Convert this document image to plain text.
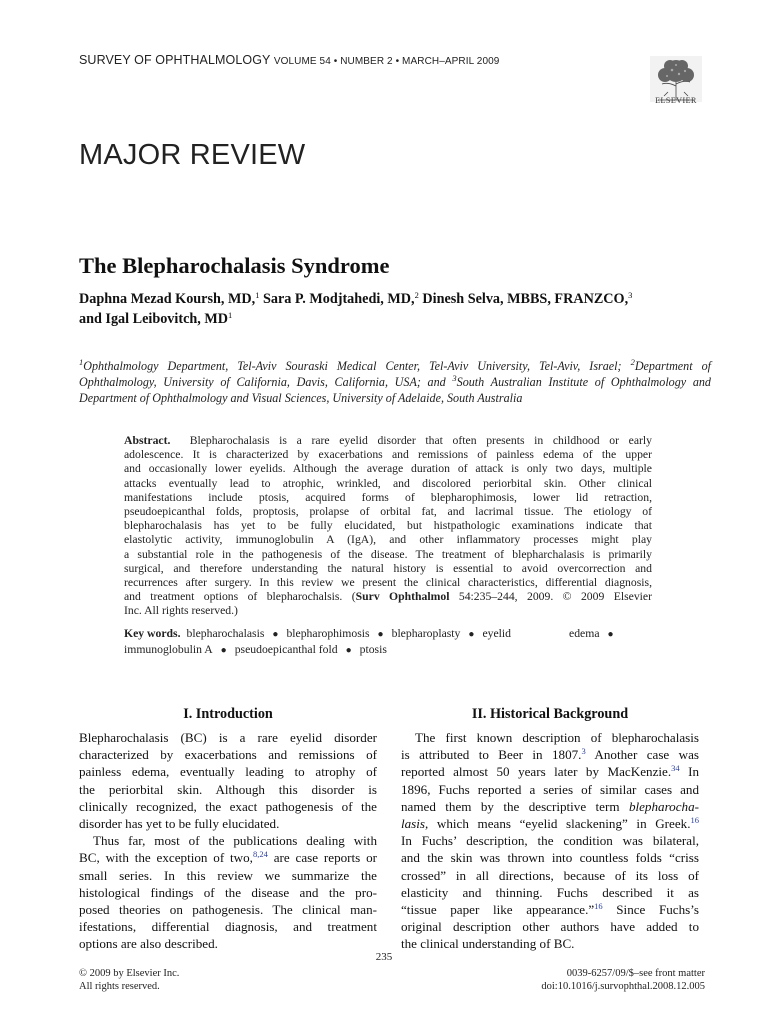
SURVEY OF OPHTHALMOLOGY VOLUME 54 • NUMBER 2 • MARCH–APRIL 2009
ELSEVIER
MAJOR REVIEW
The Blepharochalasis Syndrome
Daphna Mezad Koursh, MD,$^1$ Sara P. Modjtahedi, MD,$^2$ Dinesh Selva, MBBS, FRANZCO,$^3$
and Igal Leibovitch, $MD^1$
$^1$Ophthalmology Department, Tel-Aviv Souraski Medical Center, Tel-Aviv University, Tel-Aviv, Israel; $^2$Department of
Ophthalmology, University of California, Davis, California, USA; and $^3$South Australian Institute of Ophthalmology and
Department of Ophthalmology and Visual Sciences, University of Adelaide, South Australia
Abstract. Blepharochalasis is a rare eyelid disorder that often presents in childhood or early
adolescence. It is characterized by exacerbations and remissions of painless edema of the upper
and occasionally lower eyelids. Although the average duration of attack is only two days, multiple
attacks eventually lead to atrophic, wrinkled, and discolored periorbital skin. Other clinical
manifestations include ptosis, acquired forms of blepharophimosis, lower lid retraction,
pseudoepicanthal folds, proptosis, prolapse of orbital fat, and lacrimal tissue. The etiology of
blepharochalasis has yet to be fully elucidated, but histpathologic examinations indicate that
elastolytic activity, immunoglobulin A (IgA), and other inflammatory processes might play
a substantial role in the pathogenesis of the disease. The treatment of blepharchalasis is primarily
surgical, and therefore understanding the natural history is essential to avoid overcorrection and
recurrences after surgery. In this review we present the clinical characteristics, differential diagnosis,
and treatment options of blepharochalsis. (Surv Ophthalmol 54:235–244, 2009. © 2009 Elsevier
Inc. All rights reserved.)
Key words. blepharochalasis ● blepharophimosis ● blepharoplasty ● eyelid	edema ●
immunoglobulin A ● pseudoepicanthal fold ● ptosis
I. Introduction
Blepharochalasis (BC) is a rare eyelid disorder
characterized by exacerbations and remissions of
painless edema, eventually leading to atrophy of
the periorbital skin. Although this disorder is
clinically recognized, the exact pathogenesis of the
disorder has yet to be fully elucidated.
Thus far, most of the publications dealing with
BC, with the exception of two,$^{8,24}$ are case reports or
small series. In this review we summarize the
histological findings of the disease and the pro-
posed theories on pathogenesis. The clinical man-
ifestations, differential diagnosis, and treatment
options are also described.
II. Historical Background
The first known description of blepharochalasis
is attributed to Beer in 1807.$^3$ Another case was
reported almost 50 years later by MacKenzie.$^{34}$ In
1896, Fuchs reported a series of similar cases and
named them by the descriptive term blepharocha-
lasis, which means “eyelid slackening” in Greek.$^{16}$
In Fuchs’ description, the condition was bilateral,
and the skin was thrown into countless folds “criss
crossed” in all directions, because of its loss of
elasticity and thinning. Fuchs described it as
“tissue paper like appearance.”$^{16}$ Since Fuchs’s
original description other authors have added to
the clinical understanding of BC.
235
© 2009 by Elsevier Inc.
All rights reserved.
0039-6257/09/$–see front matter
doi:10.1016/j.survophthal.2008.12.005
